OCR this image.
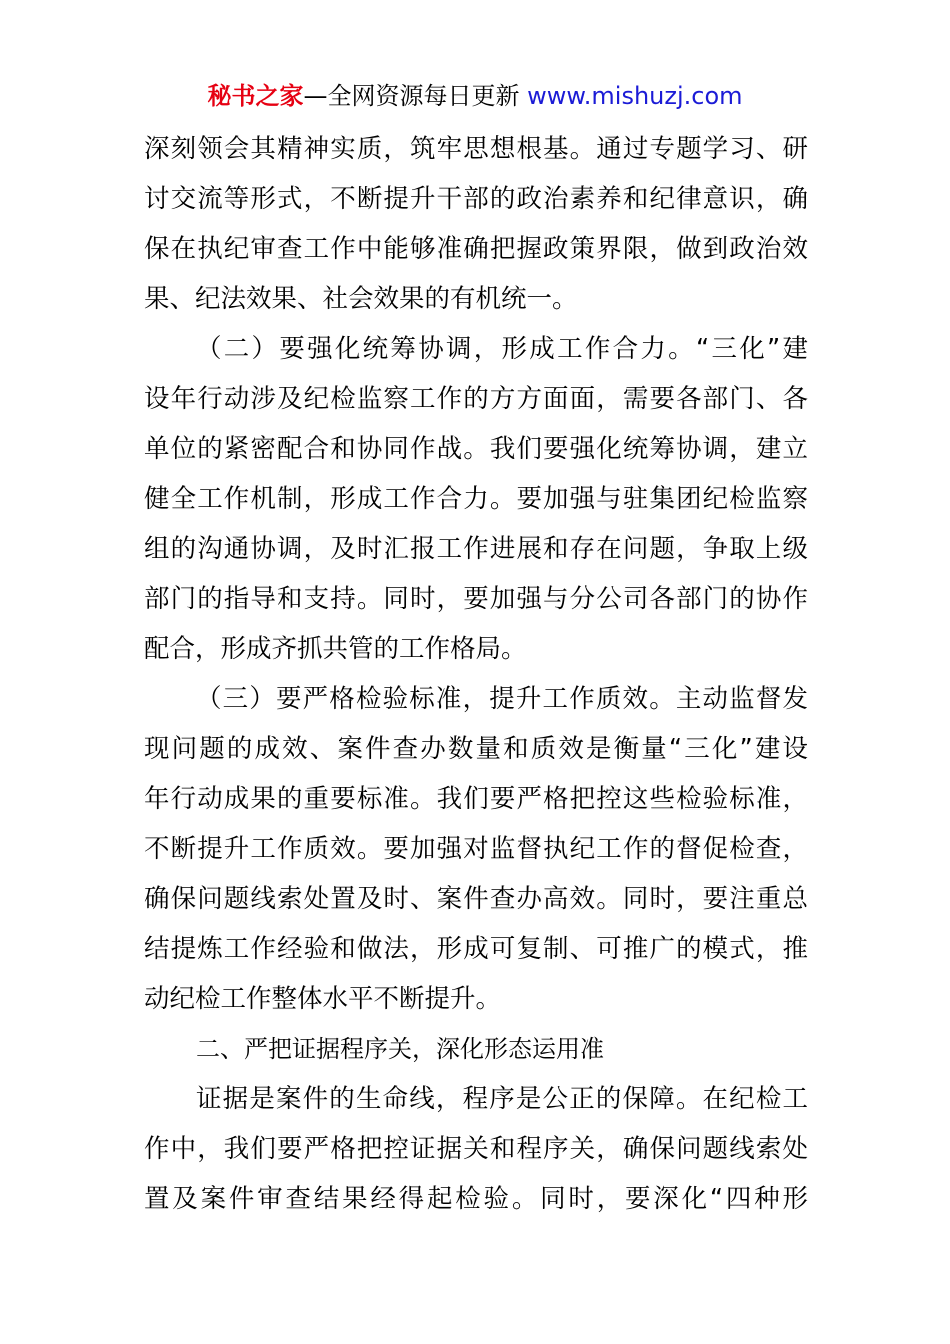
秘书之家—全网资源每日更新 www.mishuzj.com
深刻领会其精神实质，筑牢思想根基。通过专题学习、研
讨交流等形式，不断提升干部的政治素养和纪律意识，确
保在执纪审查工作中能够准确把握政策界限，做到政治效
果、纪法效果、社会效果的有机统一。
（二）要强化统筹协调，形成工作合力。“三化”建
设年行动涉及纪检监察工作的方方面面，需要各部门、各
单位的紧密配合和协同作战。我们要强化统筹协调，建立
健全工作机制，形成工作合力。要加强与驻集团纪检监察
组的沟通协调，及时汇报工作进展和存在问题，争取上级
部门的指导和支持。同时，要加强与分公司各部门的协作
配合，形成齐抓共管的工作格局。
（三）要严格检验标准，提升工作质效。主动监督发
现问题的成效、案件查办数量和质效是衡量“三化”建设
年行动成果的重要标准。我们要严格把控这些检验标准，
不断提升工作质效。要加强对监督执纪工作的督促检查，
确保问题线索处置及时、案件查办高效。同时，要注重总
结提炼工作经验和做法，形成可复制、可推广的模式，推
动纪检工作整体水平不断提升。
二、严把证据程序关，深化形态运用准
证据是案件的生命线，程序是公正的保障。在纪检工
作中，我们要严格把控证据关和程序关，确保问题线索处
置及案件审查结果经得起检验。同时，要深化“四种形
